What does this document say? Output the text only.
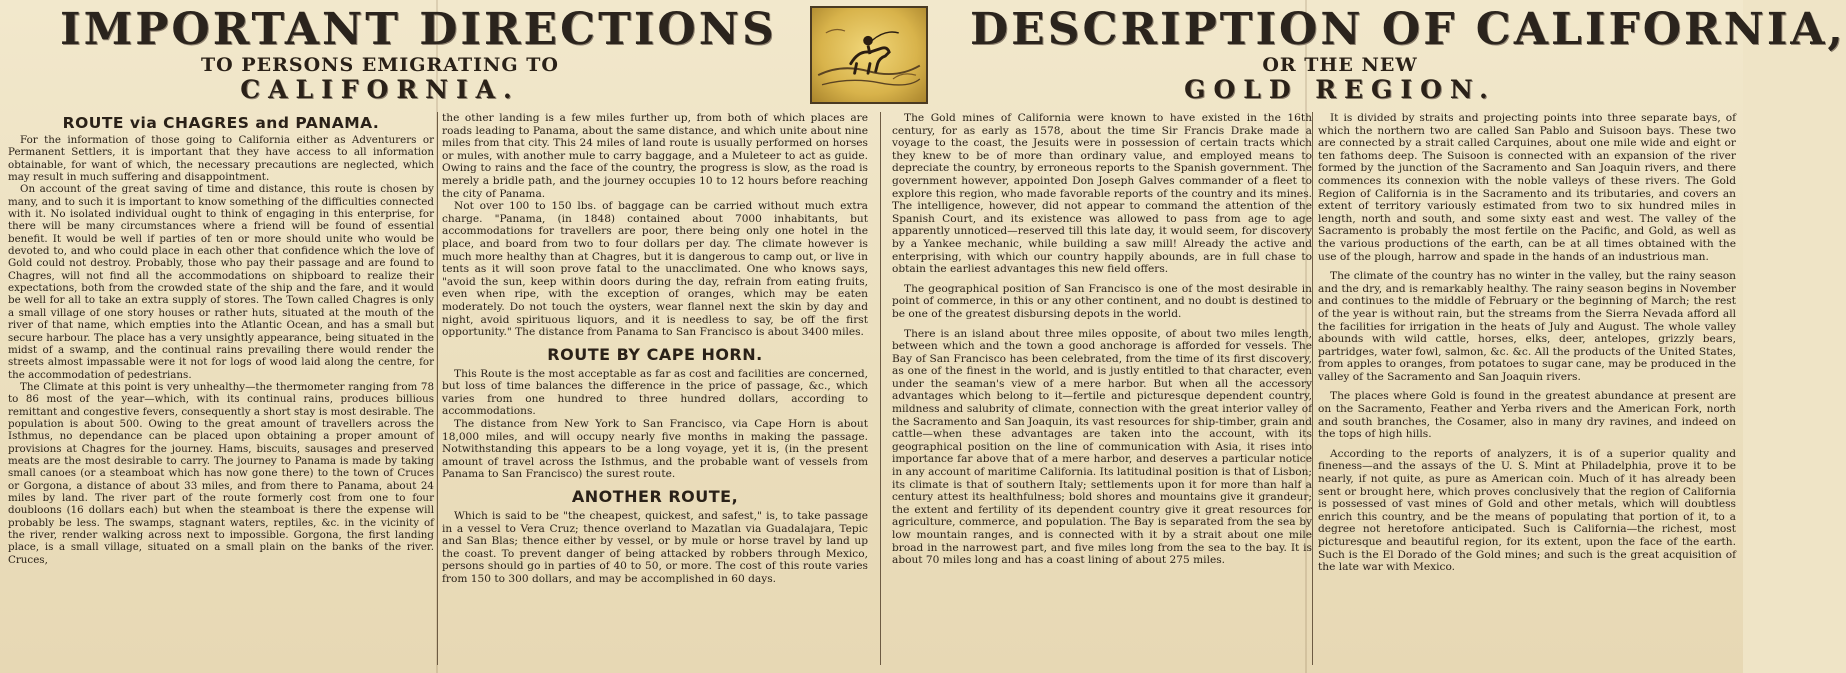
IMPORTANT DIRECTIONS
TO PERSONS EMIGRATING TO
CALIFORNIA.
DESCRIPTION OF CALIFORNIA,
OR THE NEW
GOLD REGION.
ROUTE via CHAGRES and PANAMA.

For the information of those going to California either as Adventurers or Permanent Settlers, it is important that they have access to all information obtainable, for want of which, the necessary precautions are neglected, which may result in much suffering and disappointment.

On account of the great saving of time and distance, this route is chosen by many, and to such it is important to know something of the difficulties connected with it. No isolated individual ought to think of engaging in this enterprise, for there will be many circumstances where a friend will be found of essential benefit. It would be well if parties of ten or more should unite who would be devoted to, and who could place in each other that confidence which the love of Gold could not destroy. Probably, those who pay their passage and are found to Chagres, will not find all the accommodations on shipboard to realize their expectations, both from the crowded state of the ship and the fare, and it would be well for all to take an extra supply of stores. The Town called Chagres is only a small village of one story houses or rather huts, situated at the mouth of the river of that name, which empties into the Atlantic Ocean, and has a small but secure harbour. The place has a very unsightly appearance, being situated in the midst of a swamp, and the continual rains prevailing there would render the streets almost impassable were it not for logs of wood laid along the centre, for the accommodation of pedestrians.

The Climate at this point is very unhealthy—the thermometer ranging from 78 to 86 most of the year—which, with its continual rains, produces billious remittant and congestive fevers, consequently a short stay is most desirable. The population is about 500. Owing to the great amount of travellers across the Isthmus, no dependance can be placed upon obtaining a proper amount of provisions at Chagres for the journey. Hams, biscuits, sausages and preserved meats are the most desirable to carry. The journey to Panama is made by taking small canoes (or a steamboat which has now gone there) to the town of Cruces or Gorgona, a distance of about 33 miles, and from there to Panama, about 24 miles by land. The river part of the route formerly cost from one to four doubloons (16 dollars each) but when the steamboat is there the expense will probably be less. The swamps, stagnant waters, reptiles, &c. in the vicinity of the river, render walking across next to impossible. Gorgona, the first landing place, is a small village, situated on a small plain on the banks of the river. Cruces,

the other landing is a few miles further up, from both of which places are roads leading to Panama, about the same distance, and which unite about nine miles from that city. This 24 miles of land route is usually performed on horses or mules, with another mule to carry baggage, and a Muleteer to act as guide. Owing to rains and the face of the country, the progress is slow, as the road is merely a bridle path, and the journey occupies 10 to 12 hours before reaching the city of Panama.

Not over 100 to 150 lbs. of baggage can be carried without much extra charge. "Panama, (in 1848) contained about 7000 inhabitants, but accommodations for travellers are poor, there being only one hotel in the place, and board from two to four dollars per day. The climate however is much more healthy than at Chagres, but it is dangerous to camp out, or live in tents as it will soon prove fatal to the unacclimated. One who knows says, "avoid the sun, keep within doors during the day, refrain from eating fruits, even when ripe, with the exception of oranges, which may be eaten moderately. Do not touch the oysters, wear flannel next the skin by day and night, avoid spirituous liquors, and it is needless to say, be off the first opportunity." The distance from Panama to San Francisco is about 3400 miles.

ROUTE BY CAPE HORN.

This Route is the most acceptable as far as cost and facilities are concerned, but loss of time balances the difference in the price of passage, &c., which varies from one hundred to three hundred dollars, according to accommodations.

The distance from New York to San Francisco, via Cape Horn is about 18,000 miles, and will occupy nearly five months in making the passage. Notwithstanding this appears to be a long voyage, yet it is, (in the present amount of travel across the Isthmus, and the probable want of vessels from Panama to San Francisco) the surest route.

ANOTHER ROUTE,

Which is said to be "the cheapest, quickest, and safest," is, to take passage in a vessel to Vera Cruz; thence overland to Mazatlan via Guadalajara, Tepic and San Blas; thence either by vessel, or by mule or horse travel by land up the coast. To prevent danger of being attacked by robbers through Mexico, persons should go in parties of 40 to 50, or more. The cost of this route varies from 150 to 300 dollars, and may be accomplished in 60 days.

The Gold mines of California were known to have existed in the 16th century, for as early as 1578, about the time Sir Francis Drake made a voyage to the coast, the Jesuits were in possession of certain tracts which they knew to be of more than ordinary value, and employed means to depreciate the country, by erroneous reports to the Spanish government. The government however, appointed Don Joseph Galves commander of a fleet to explore this region, who made favorable reports of the country and its mines. The intelligence, however, did not appear to command the attention of the Spanish Court, and its existence was allowed to pass from age to age apparently unnoticed—reserved till this late day, it would seem, for discovery by a Yankee mechanic, while building a saw mill! Already the active and enterprising, with which our country happily abounds, are in full chase to obtain the earliest advantages this new field offers.

The geographical position of San Francisco is one of the most desirable in point of commerce, in this or any other continent, and no doubt is destined to be one of the greatest disbursing depots in the world.

There is an island about three miles opposite, of about two miles length, between which and the town a good anchorage is afforded for vessels. The Bay of San Francisco has been celebrated, from the time of its first discovery, as one of the finest in the world, and is justly entitled to that character, even under the seaman's view of a mere harbor. But when all the accessory advantages which belong to it—fertile and picturesque dependent country, mildness and salubrity of climate, connection with the great interior valley of the Sacramento and San Joaquin, its vast resources for ship-timber, grain and cattle—when these advantages are taken into the account, with its geographical position on the line of communication with Asia, it rises into importance far above that of a mere harbor, and deserves a particular notice in any account of maritime California. Its latitudinal position is that of Lisbon; its climate is that of southern Italy; settlements upon it for more than half a century attest its healthfulness; bold shores and mountains give it grandeur; the extent and fertility of its dependent country give it great resources for agriculture, commerce, and population. The Bay is separated from the sea by low mountain ranges, and is connected with it by a strait about one mile broad in the narrowest part, and five miles long from the sea to the bay. It is about 70 miles long and has a coast lining of about 275 miles.

It is divided by straits and projecting points into three separate bays, of which the northern two are called San Pablo and Suisoon bays. These two are connected by a strait called Carquines, about one mile wide and eight or ten fathoms deep. The Suisoon is connected with an expansion of the river formed by the junction of the Sacramento and San Joaquin rivers, and there commences its connexion with the noble valleys of these rivers. The Gold Region of California is in the Sacramento and its tributaries, and covers an extent of territory variously estimated from two to six hundred miles in length, north and south, and some sixty east and west. The valley of the Sacramento is probably the most fertile on the Pacific, and Gold, as well as the various productions of the earth, can be at all times obtained with the use of the plough, harrow and spade in the hands of an industrious man.

The climate of the country has no winter in the valley, but the rainy season and the dry, and is remarkably healthy. The rainy season begins in November and continues to the middle of February or the beginning of March; the rest of the year is without rain, but the streams from the Sierra Nevada afford all the facilities for irrigation in the heats of July and August. The whole valley abounds with wild cattle, horses, elks, deer, antelopes, grizzly bears, partridges, water fowl, salmon, &c. &c. All the products of the United States, from apples to oranges, from potatoes to sugar cane, may be produced in the valley of the Sacramento and San Joaquin rivers.

The places where Gold is found in the greatest abundance at present are on the Sacramento, Feather and Yerba rivers and the American Fork, north and south branches, the Cosamer, also in many dry ravines, and indeed on the tops of high hills.

According to the reports of analyzers, it is of a superior quality and fineness—and the assays of the U. S. Mint at Philadelphia, prove it to be nearly, if not quite, as pure as American coin. Much of it has already been sent or brought here, which proves conclusively that the region of California is possessed of vast mines of Gold and other metals, which will doubtless enrich this country, and be the means of populating that portion of it, to a degree not heretofore anticipated. Such is California—the richest, most picturesque and beautiful region, for its extent, upon the face of the earth. Such is the El Dorado of the Gold mines; and such is the great acquisition of the late war with Mexico.
